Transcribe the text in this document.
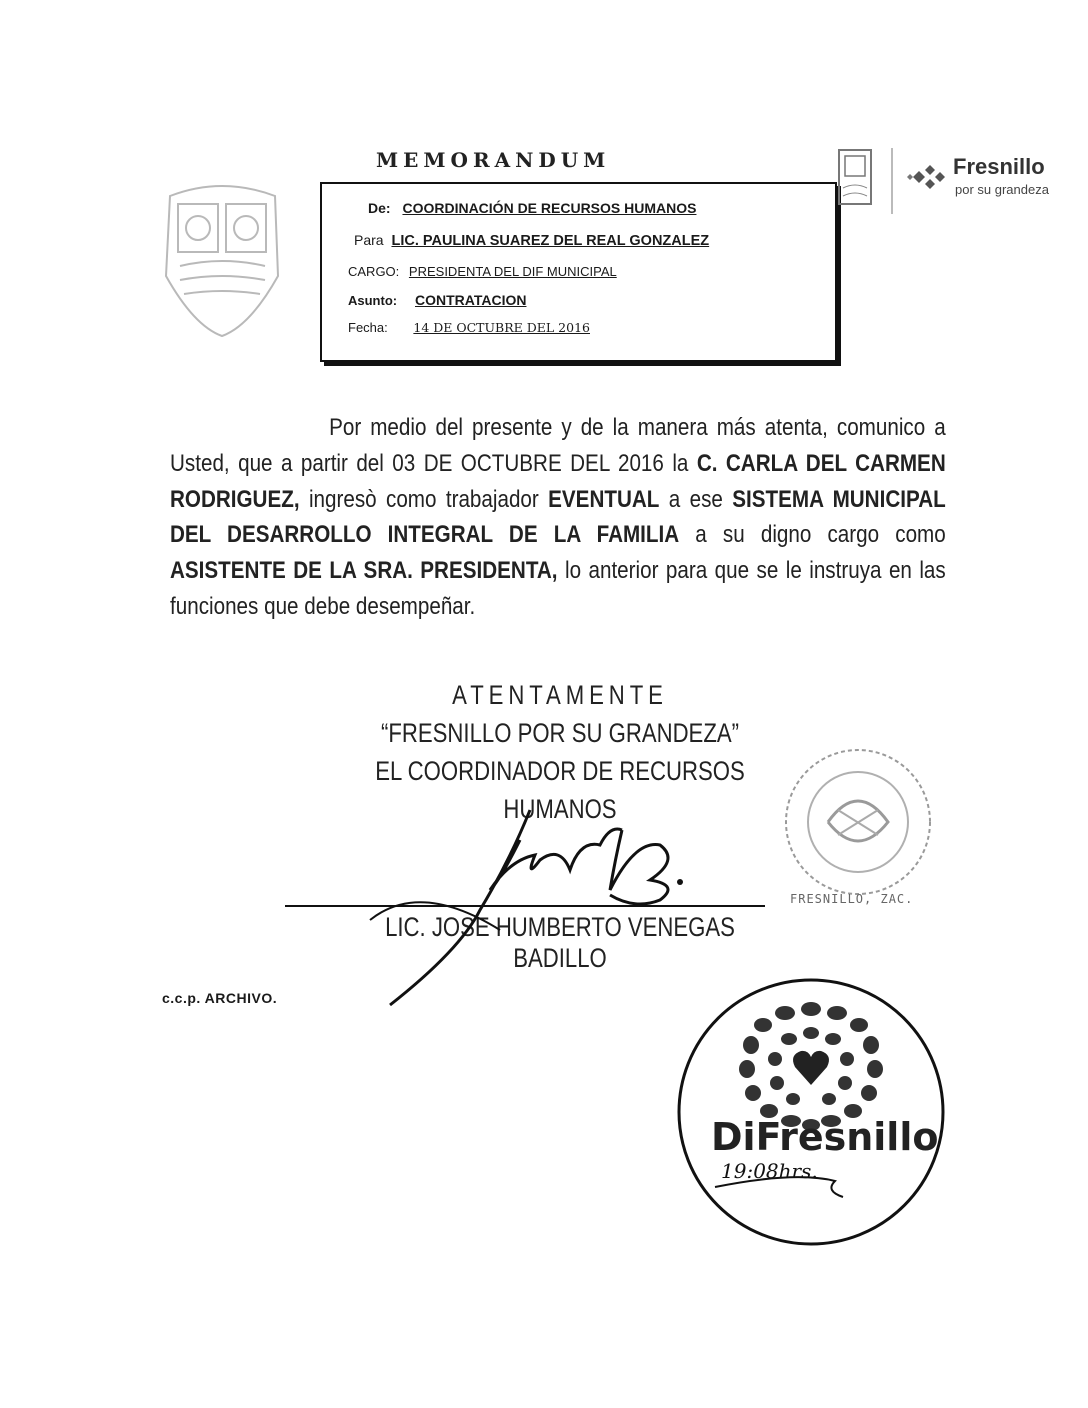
MEMORANDUM
De: COORDINACIÓN DE RECURSOS HUMANOS
Para LIC. PAULINA SUAREZ DEL REAL GONZALEZ
CARGO: PRESIDENTA DEL DIF MUNICIPAL
Asunto: CONTRATACION
Fecha: 14 DE OCTUBRE DEL 2016
Fresnillo
por su grandeza
Por medio del presente y de la manera más atenta, comunico a Usted, que a partir del 03 DE OCTUBRE DEL 2016 la C. CARLA DEL CARMEN RODRIGUEZ, ingresò como trabajador EVENTUAL a ese SISTEMA MUNICIPAL DEL DESARROLLO INTEGRAL DE LA FAMILIA a su digno cargo como ASISTENTE DE LA SRA. PRESIDENTA, lo anterior para que se le instruya en las funciones que debe desempeñar.
ATENTAMENTE
“FRESNILLO POR SU GRANDEZA”
EL COORDINADOR DE RECURSOS HUMANOS
FRESNILLO, ZAC.
LIC. JOSE HUMBERTO VENEGAS BADILLO
c.c.p. ARCHIVO.
DiFresnillo
19:08hrs.
